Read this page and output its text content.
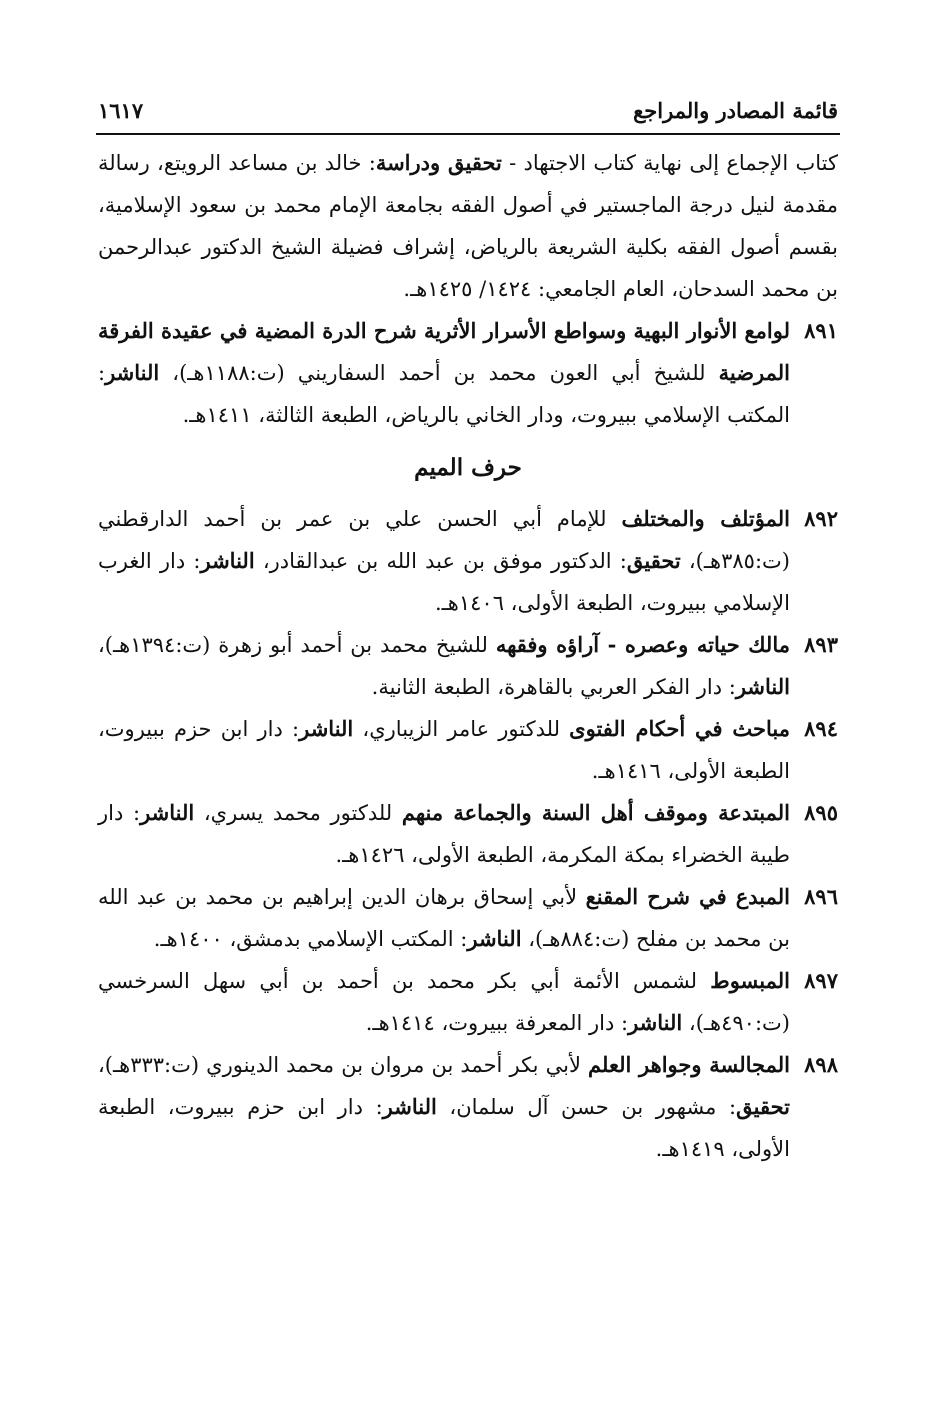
قائمة المصادر والمراجع
١٦١٧

كتاب الإجماع إلى نهاية كتاب الاجتهاد - تحقيق ودراسة: خالد بن مساعد الرويتع، رسالة مقدمة لنيل درجة الماجستير في أصول الفقه بجامعة الإمام محمد بن سعود الإسلامية، بقسم أصول الفقه بكلية الشريعة بالرياض، إشراف فضيلة الشيخ الدكتور عبدالرحمن بن محمد السدحان، العام الجامعي: ١٤٢٤/ ١٤٢٥هـ.

٨٩١
لوامع الأنوار البهية وسواطع الأسرار الأثرية شرح الدرة المضية في عقيدة الفرقة المرضية للشيخ أبي العون محمد بن أحمد السفاريني (ت:١١٨٨هـ)، الناشر: المكتب الإسلامي ببيروت، ودار الخاني بالرياض، الطبعة الثالثة، ١٤١١هـ.

حرف الميم

٨٩٢
المؤتلف والمختلف للإمام أبي الحسن علي بن عمر بن أحمد الدارقطني (ت:٣٨٥هـ)، تحقيق: الدكتور موفق بن عبد الله بن عبدالقادر، الناشر: دار الغرب الإسلامي ببيروت، الطبعة الأولى، ١٤٠٦هـ.

٨٩٣
مالك حياته وعصره - آراؤه وفقهه للشيخ محمد بن أحمد أبو زهرة (ت:١٣٩٤هـ)، الناشر: دار الفكر العربي بالقاهرة، الطبعة الثانية.

٨٩٤
مباحث في أحكام الفتوى للدكتور عامر الزيباري، الناشر: دار ابن حزم ببيروت، الطبعة الأولى، ١٤١٦هـ.

٨٩٥
المبتدعة وموقف أهل السنة والجماعة منهم للدكتور محمد يسري، الناشر: دار طيبة الخضراء بمكة المكرمة، الطبعة الأولى، ١٤٢٦هـ.

٨٩٦
المبدع في شرح المقنع لأبي إسحاق برهان الدين إبراهيم بن محمد بن عبد الله بن محمد بن مفلح (ت:٨٨٤هـ)، الناشر: المكتب الإسلامي بدمشق، ١٤٠٠هـ.

٨٩٧
المبسوط لشمس الأئمة أبي بكر محمد بن أحمد بن أبي سهل السرخسي (ت:٤٩٠هـ)، الناشر: دار المعرفة ببيروت، ١٤١٤هـ.

٨٩٨
المجالسة وجواهر العلم لأبي بكر أحمد بن مروان بن محمد الدينوري (ت:٣٣٣هـ)، تحقيق: مشهور بن حسن آل سلمان، الناشر: دار ابن حزم ببيروت، الطبعة الأولى، ١٤١٩هـ.
